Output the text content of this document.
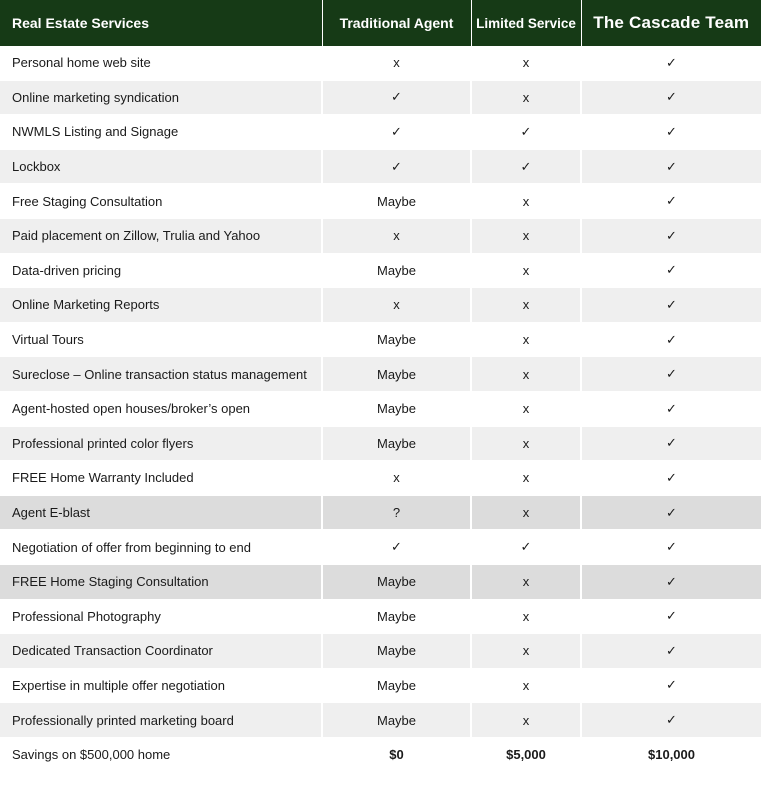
Real Estate Services	Traditional Agent	Limited Service	The Cascade Team
Personal home web site	x	x	✓
Online marketing syndication	✓	x	✓
NWMLS Listing and Signage	✓	✓	✓
Lockbox	✓	✓	✓
Free Staging Consultation	Maybe	x	✓
Paid placement on Zillow, Trulia and Yahoo	x	x	✓
Data-driven pricing	Maybe	x	✓
Online Marketing Reports	x	x	✓
Virtual Tours	Maybe	x	✓
Sureclose – Online transaction status management	Maybe	x	✓
Agent-hosted open houses/broker’s open	Maybe	x	✓
Professional printed color flyers	Maybe	x	✓
FREE Home Warranty Included	x	x	✓
Agent E-blast	?	x	✓
Negotiation of offer from beginning to end	✓	✓	✓
FREE Home Staging Consultation	Maybe	x	✓
Professional Photography	Maybe	x	✓
Dedicated Transaction Coordinator	Maybe	x	✓
Expertise in multiple offer negotiation	Maybe	x	✓
Professionally printed marketing board	Maybe	x	✓
Savings on $500,000 home	$0	$5,000	$10,000
